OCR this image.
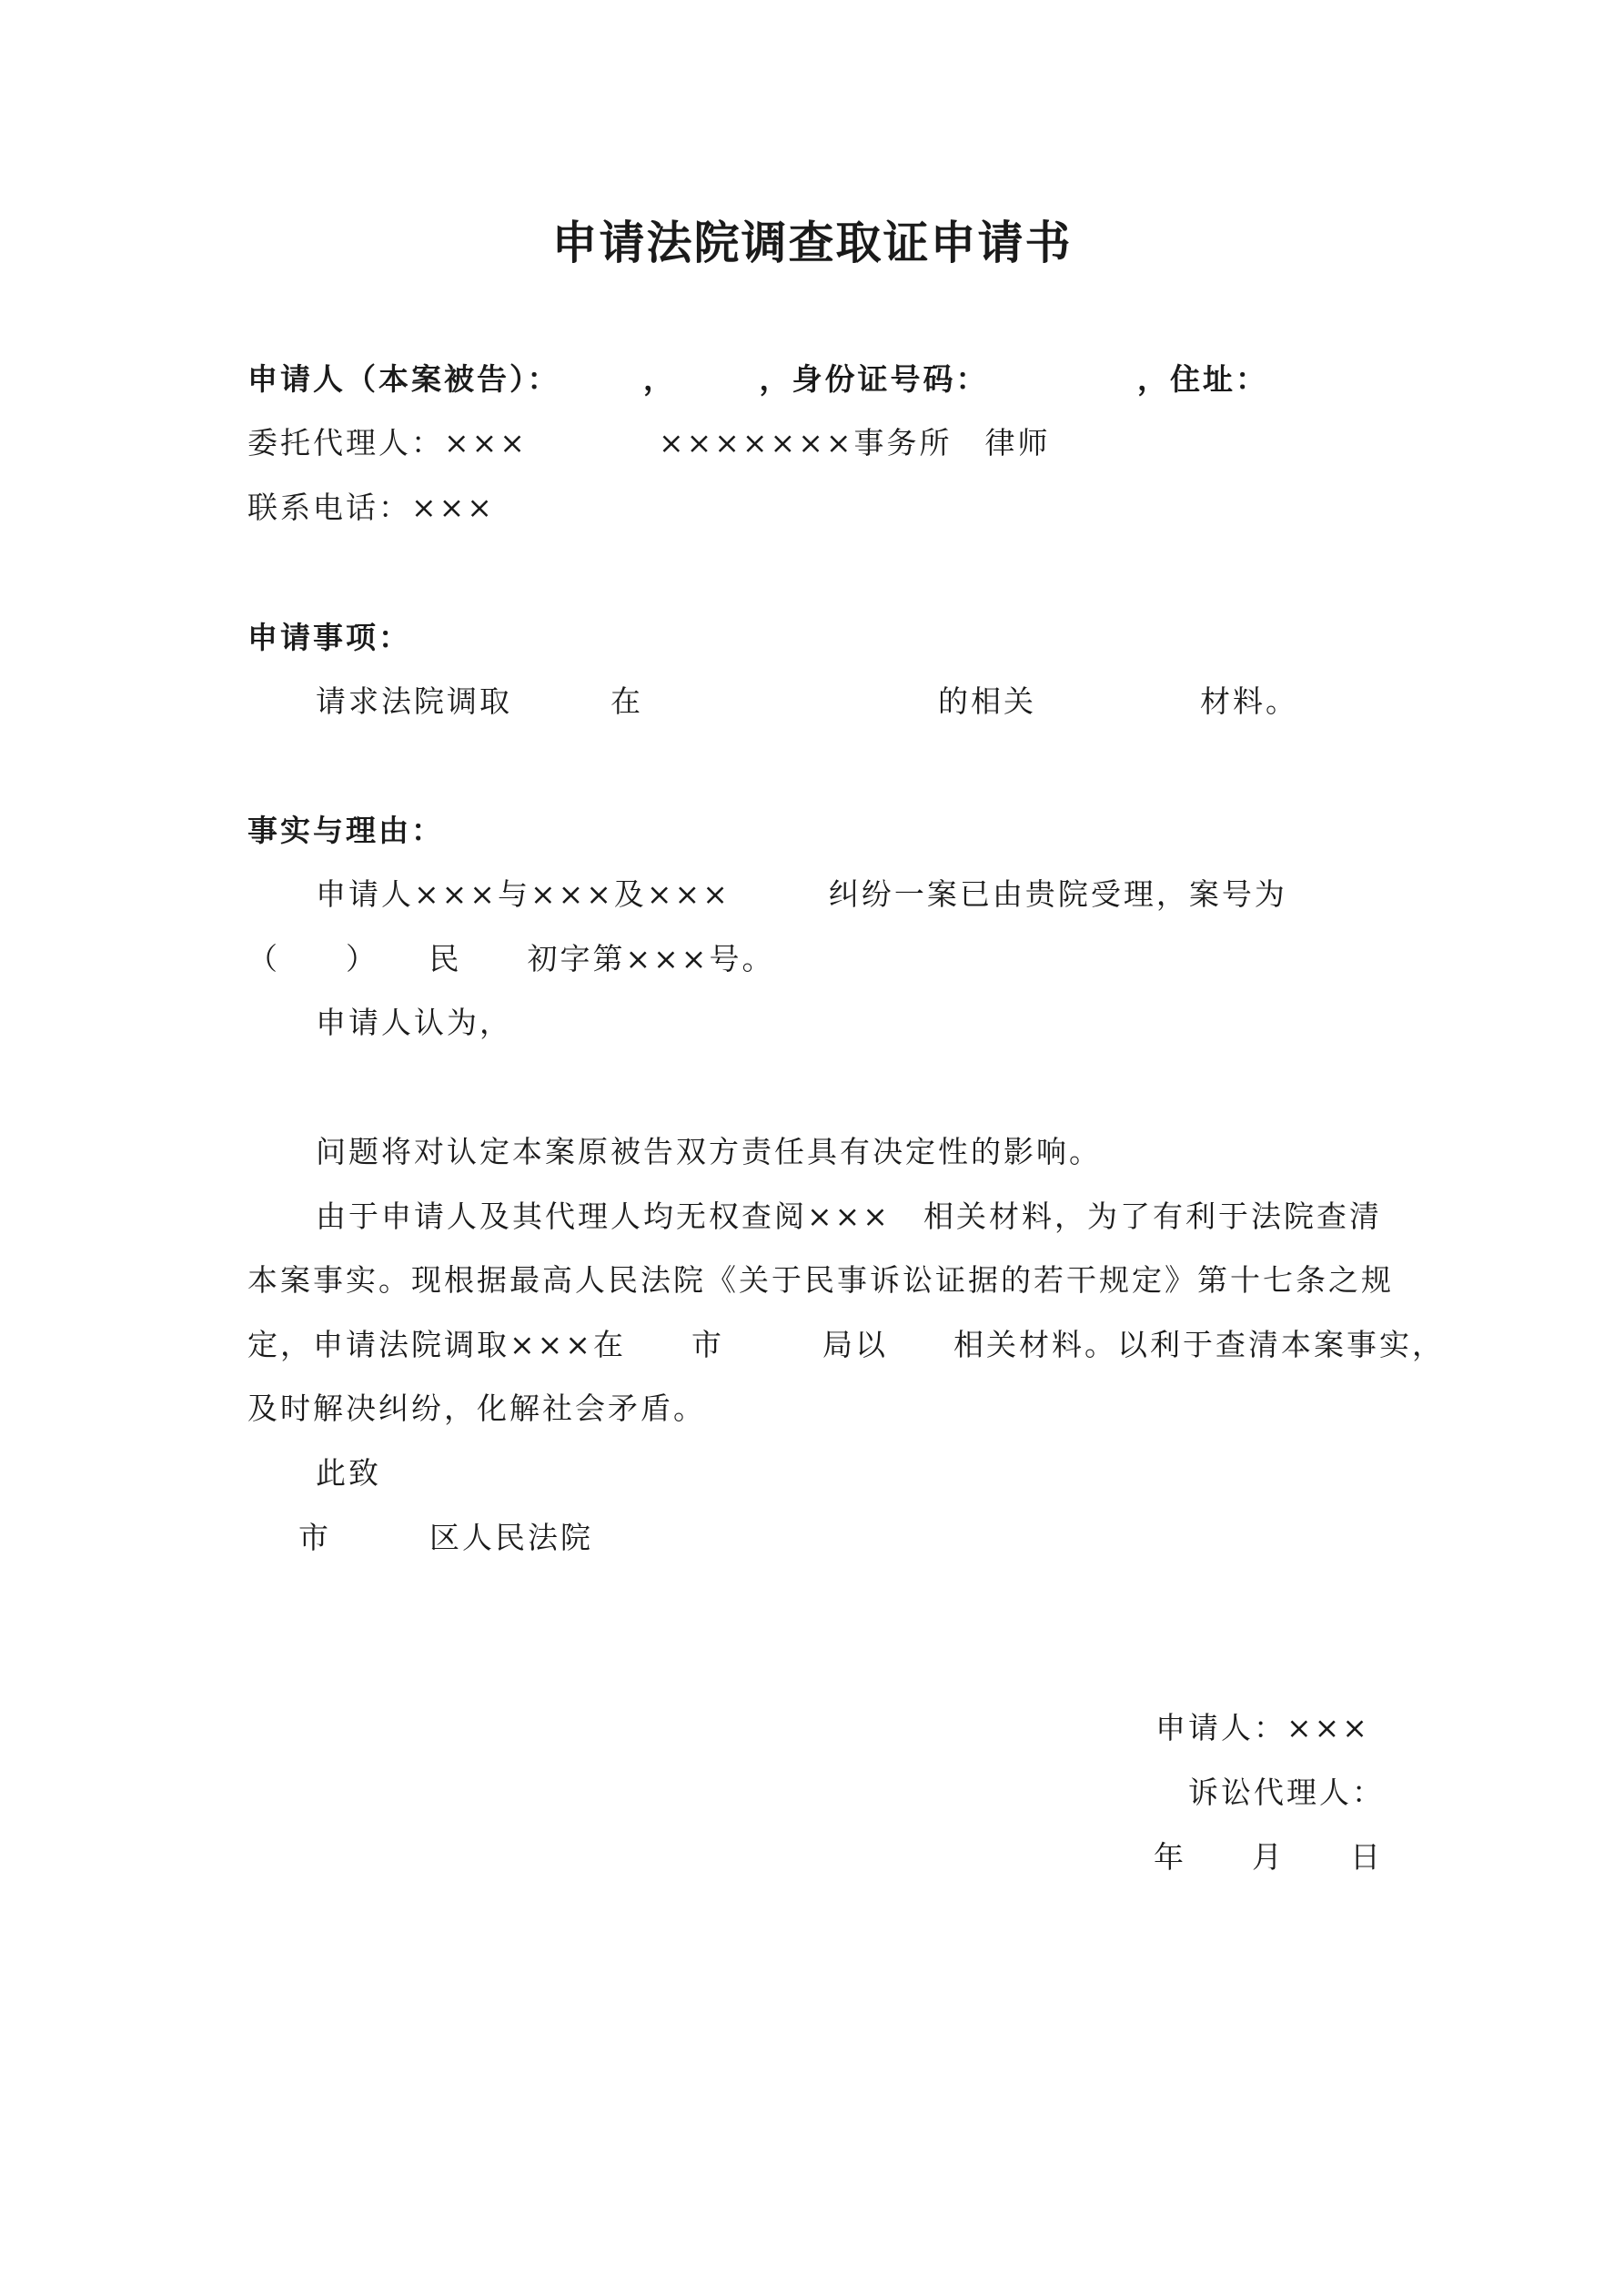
申请法院调查取证申请书
申请人（本案被告）：　　　，　　　，身份证号码：　　　　　，住址：
委托代理人：×××　　　　×××××××事务所　律师
联系电话：×××
申请事项：
请求法院调取　　　在　　　　　　　　　的相关　　　　　材料。
事实与理由：
申请人×××与×××及×××　　　纠纷一案已由贵院受理，案号为
（　　）　　民　　初字第×××号。
申请人认为，
问题将对认定本案原被告双方责任具有决定性的影响。
由于申请人及其代理人均无权查阅×××　相关材料，为了有利于法院查清
本案事实。现根据最高人民法院《关于民事诉讼证据的若干规定》第十七条之规
定，申请法院调取×××在　　市　　　局以　　相关材料。以利于查清本案事实，
及时解决纠纷，化解社会矛盾。
此致
市　　　区人民法院
申请人：×××
诉讼代理人：
年　　月　　日
